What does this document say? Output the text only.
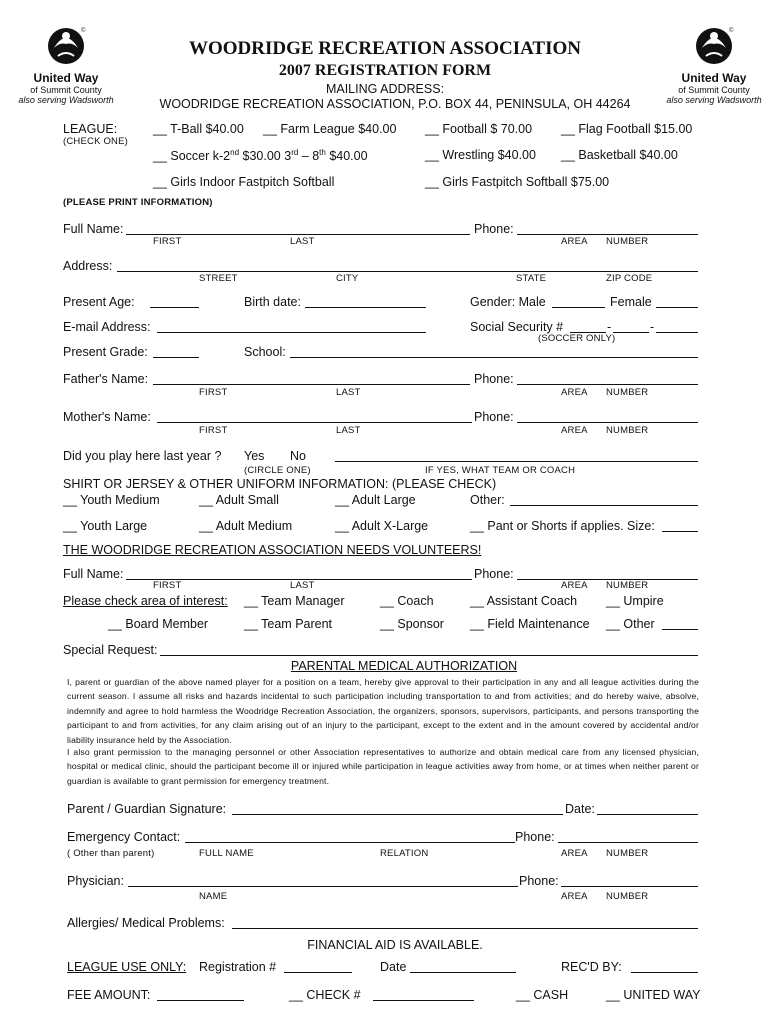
©
United Way
of Summit County
also serving Wadsworth
©
United Way
of Summit County
also serving Wadsworth
WOODRIDGE RECREATION ASSOCIATION
2007 REGISTRATION FORM
MAILING ADDRESS:
WOODRIDGE RECREATION ASSOCIATION, P.O. BOX 44, PENINSULA, OH 44264
LEAGUE:
(CHECK ONE)
__ T-Ball $40.00 __ Farm League $40.00 __ Football $ 70.00 __ Flag Football $15.00
__ Soccer k-2nd $30.00 3rd – 8th $40.00	__ Wrestling $40.00 __ Basketball $40.00
__ Girls Indoor Fastpitch Softball	__ Girls Fastpitch Softball $75.00
(PLEASE PRINT INFORMATION)
Full Name:	Phone:
FIRST	LAST	AREA NUMBER
Address:
STREET	CITY	STATE	ZIP CODE
Present Age:	Birth date:	Gender: Male	Female
E-mail Address:	Social Security #	-	-
(SOCCER ONLY)
Present Grade:	School:
Father's Name:	Phone:
FIRST	LAST	AREA NUMBER
Mother's Name:	Phone:
FIRST	LAST	AREA NUMBER
Did you play here last year ? Yes No
(CIRCLE ONE)	IF YES, WHAT TEAM OR COACH
SHIRT OR JERSEY & OTHER UNIFORM INFORMATION: (PLEASE CHECK)
__ Youth Medium	__ Adult Small	__ Adult Large	Other:
__ Youth Large	__ Adult Medium	__ Adult X-Large	__ Pant or Shorts if applies. Size:
THE WOODRIDGE RECREATION ASSOCIATION NEEDS VOLUNTEERS!
Full Name:	Phone:
FIRST	LAST	AREA NUMBER
Please check area of interest: __ Team Manager	__ Coach	__ Assistant Coach __ Umpire
__ Board Member	__ Team Parent	__ Sponsor __ Field Maintenance __ Other
Special Request:
PARENTAL MEDICAL AUTHORIZATION
I, parent or guardian of the above named player for a position on a team, hereby give approval to their participation in any and all league activities during the current season. I assume all risks and hazards incidental to such participation including transportation to and from activities; and do hereby waive, absolve, indemnify and agree to hold harmless the Woodridge Recreation Association, the organizers, sponsors, supervisors, participants, and persons transporting the participant to and from activities, for any claim arising out of an injury to the participant, except to the extent and in the amount covered by accidental and/or liability insurance held by the Association.
I also grant permission to the managing personnel or other Association representatives to authorize and obtain medical care from any licensed physician, hospital or medical clinic, should the participant become ill or injured while participation in league activities away from home, or at times when neither parent or guardian is available to grant permission for emergency treatment.
Parent / Guardian Signature:	Date:
Emergency Contact:	Phone:
( Other than parent)	FULL NAME	RELATION	AREA NUMBER
Physician:	Phone:
NAME	AREA NUMBER
Allergies/ Medical Problems:
FINANCIAL AID IS AVAILABLE.
LEAGUE USE ONLY: Registration #	Date	REC'D BY:
FEE AMOUNT:	__ CHECK #	__ CASH	__ UNITED WAY
